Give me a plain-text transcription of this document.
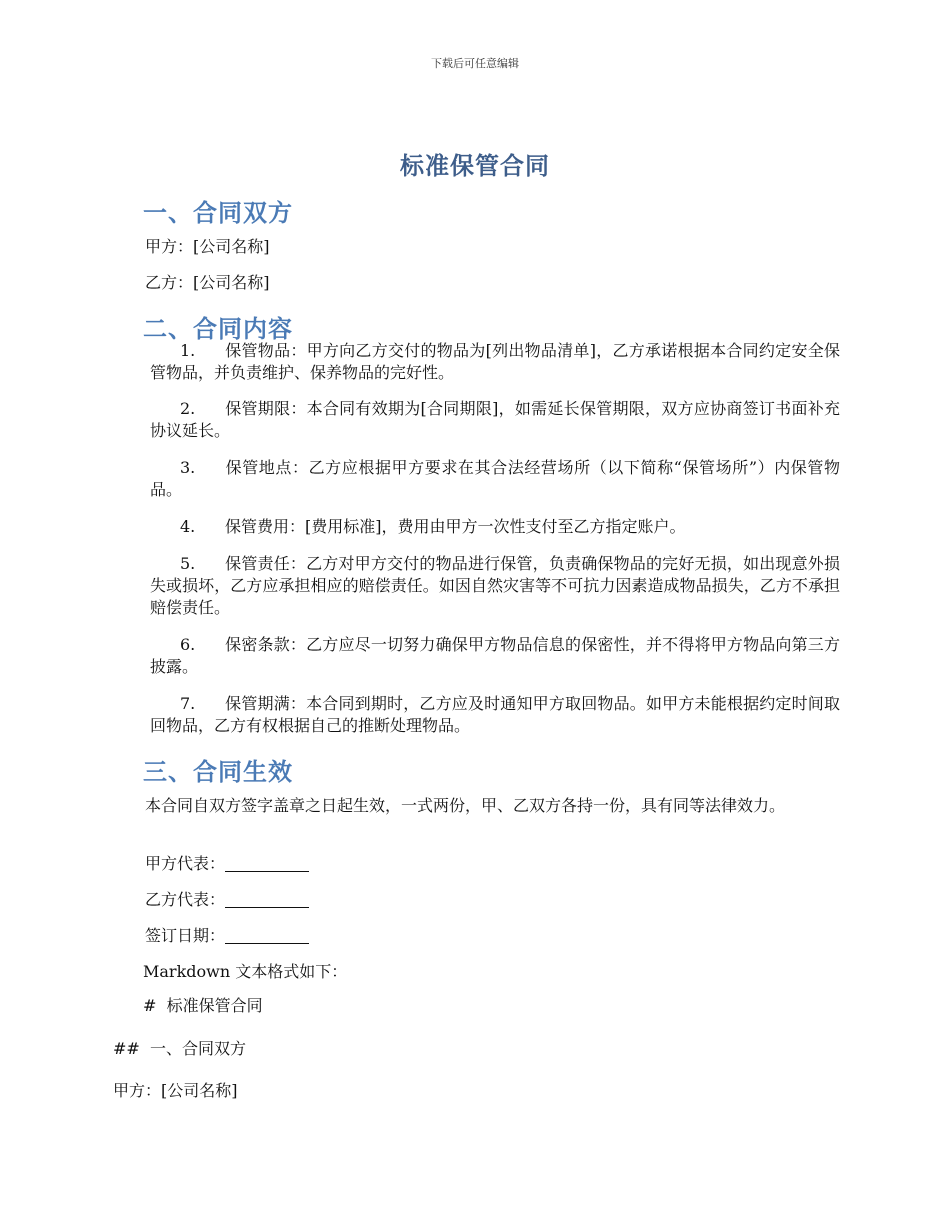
下载后可任意编辑
标准保管合同
一、合同双方
甲方：[公司名称]
乙方：[公司名称]
二、合同内容
1. 保管物品：甲方向乙方交付的物品为[列出物品清单]，乙方承诺根据本合同约定安全保管物品，并负责维护、保养物品的完好性。
2. 保管期限：本合同有效期为[合同期限]，如需延长保管期限，双方应协商签订书面补充协议延长。
3. 保管地点：乙方应根据甲方要求在其合法经营场所（以下简称“保管场所”）内保管物品。
4. 保管费用：[费用标准]，费用由甲方一次性支付至乙方指定账户。
5. 保管责任：乙方对甲方交付的物品进行保管，负责确保物品的完好无损，如出现意外损失或损坏，乙方应承担相应的赔偿责任。如因自然灾害等不可抗力因素造成物品损失，乙方不承担赔偿责任。
6. 保密条款：乙方应尽一切努力确保甲方物品信息的保密性，并不得将甲方物品向第三方披露。
7. 保管期满：本合同到期时，乙方应及时通知甲方取回物品。如甲方未能根据约定时间取回物品，乙方有权根据自己的推断处理物品。
三、合同生效
本合同自双方签字盖章之日起生效，一式两份，甲、乙双方各持一份，具有同等法律效力。
甲方代表：
乙方代表：
签订日期：
Markdown 文本格式如下：
#  标准保管合同
##  一、合同双方
甲方：[公司名称]
